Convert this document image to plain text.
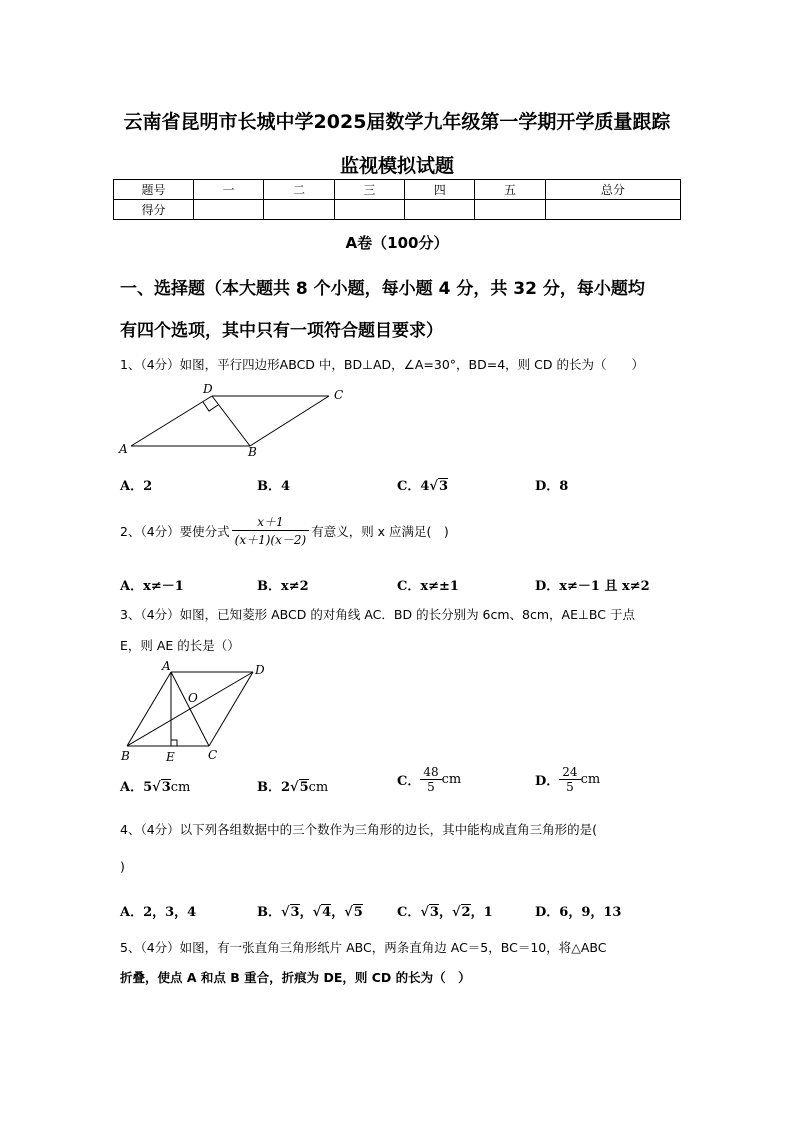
云南省昆明市长城中学2025届数学九年级第一学期开学质量跟踪
监视模拟试题
题号	一	二	三	四	五	总分
得分						
A卷（100分）
一、选择题（本大题共 8 个小题，每小题 4 分，共 32 分，每小题均
有四个选项，其中只有一项符合题目要求）
1、（4分）如图，平行四边形ABCD 中，BD⊥AD，∠A=30°，BD=4，则 CD 的长为（　　）
D	C
A	B
A．2	B．4	C．4√3	D．8
2、（4分）要使分式 $\frac{x+1}{(x+1)(x-2)}$ 有意义，则 x 应满足(　)
A．x≠－1	B．x≠2	C．x≠±1	D．x≠－1 且 x≠2
3、（4分）如图，已知菱形 ABCD 的对角线 AC．BD 的长分别为 6cm、8cm，AE⊥BC 于点
E，则 AE 的长是（）
A	D
O
B	E	C
A．5√3cm	B．2√5cm	C． $\frac{48}{5}$ cm	D． $\frac{24}{5}$ cm
4、（4分）以下列各组数据中的三个数作为三角形的边长，其中能构成直角三角形的是(
)
A．2，3，4	B．√3，√4，√5	C．√3，√2，1	D．6，9，13
5、（4分）如图，有一张直角三角形纸片 ABC，两条直角边 AC＝5，BC＝10，将△ABC
折叠，使点 A 和点 B 重合，折痕为 DE，则 CD 的长为（　）
